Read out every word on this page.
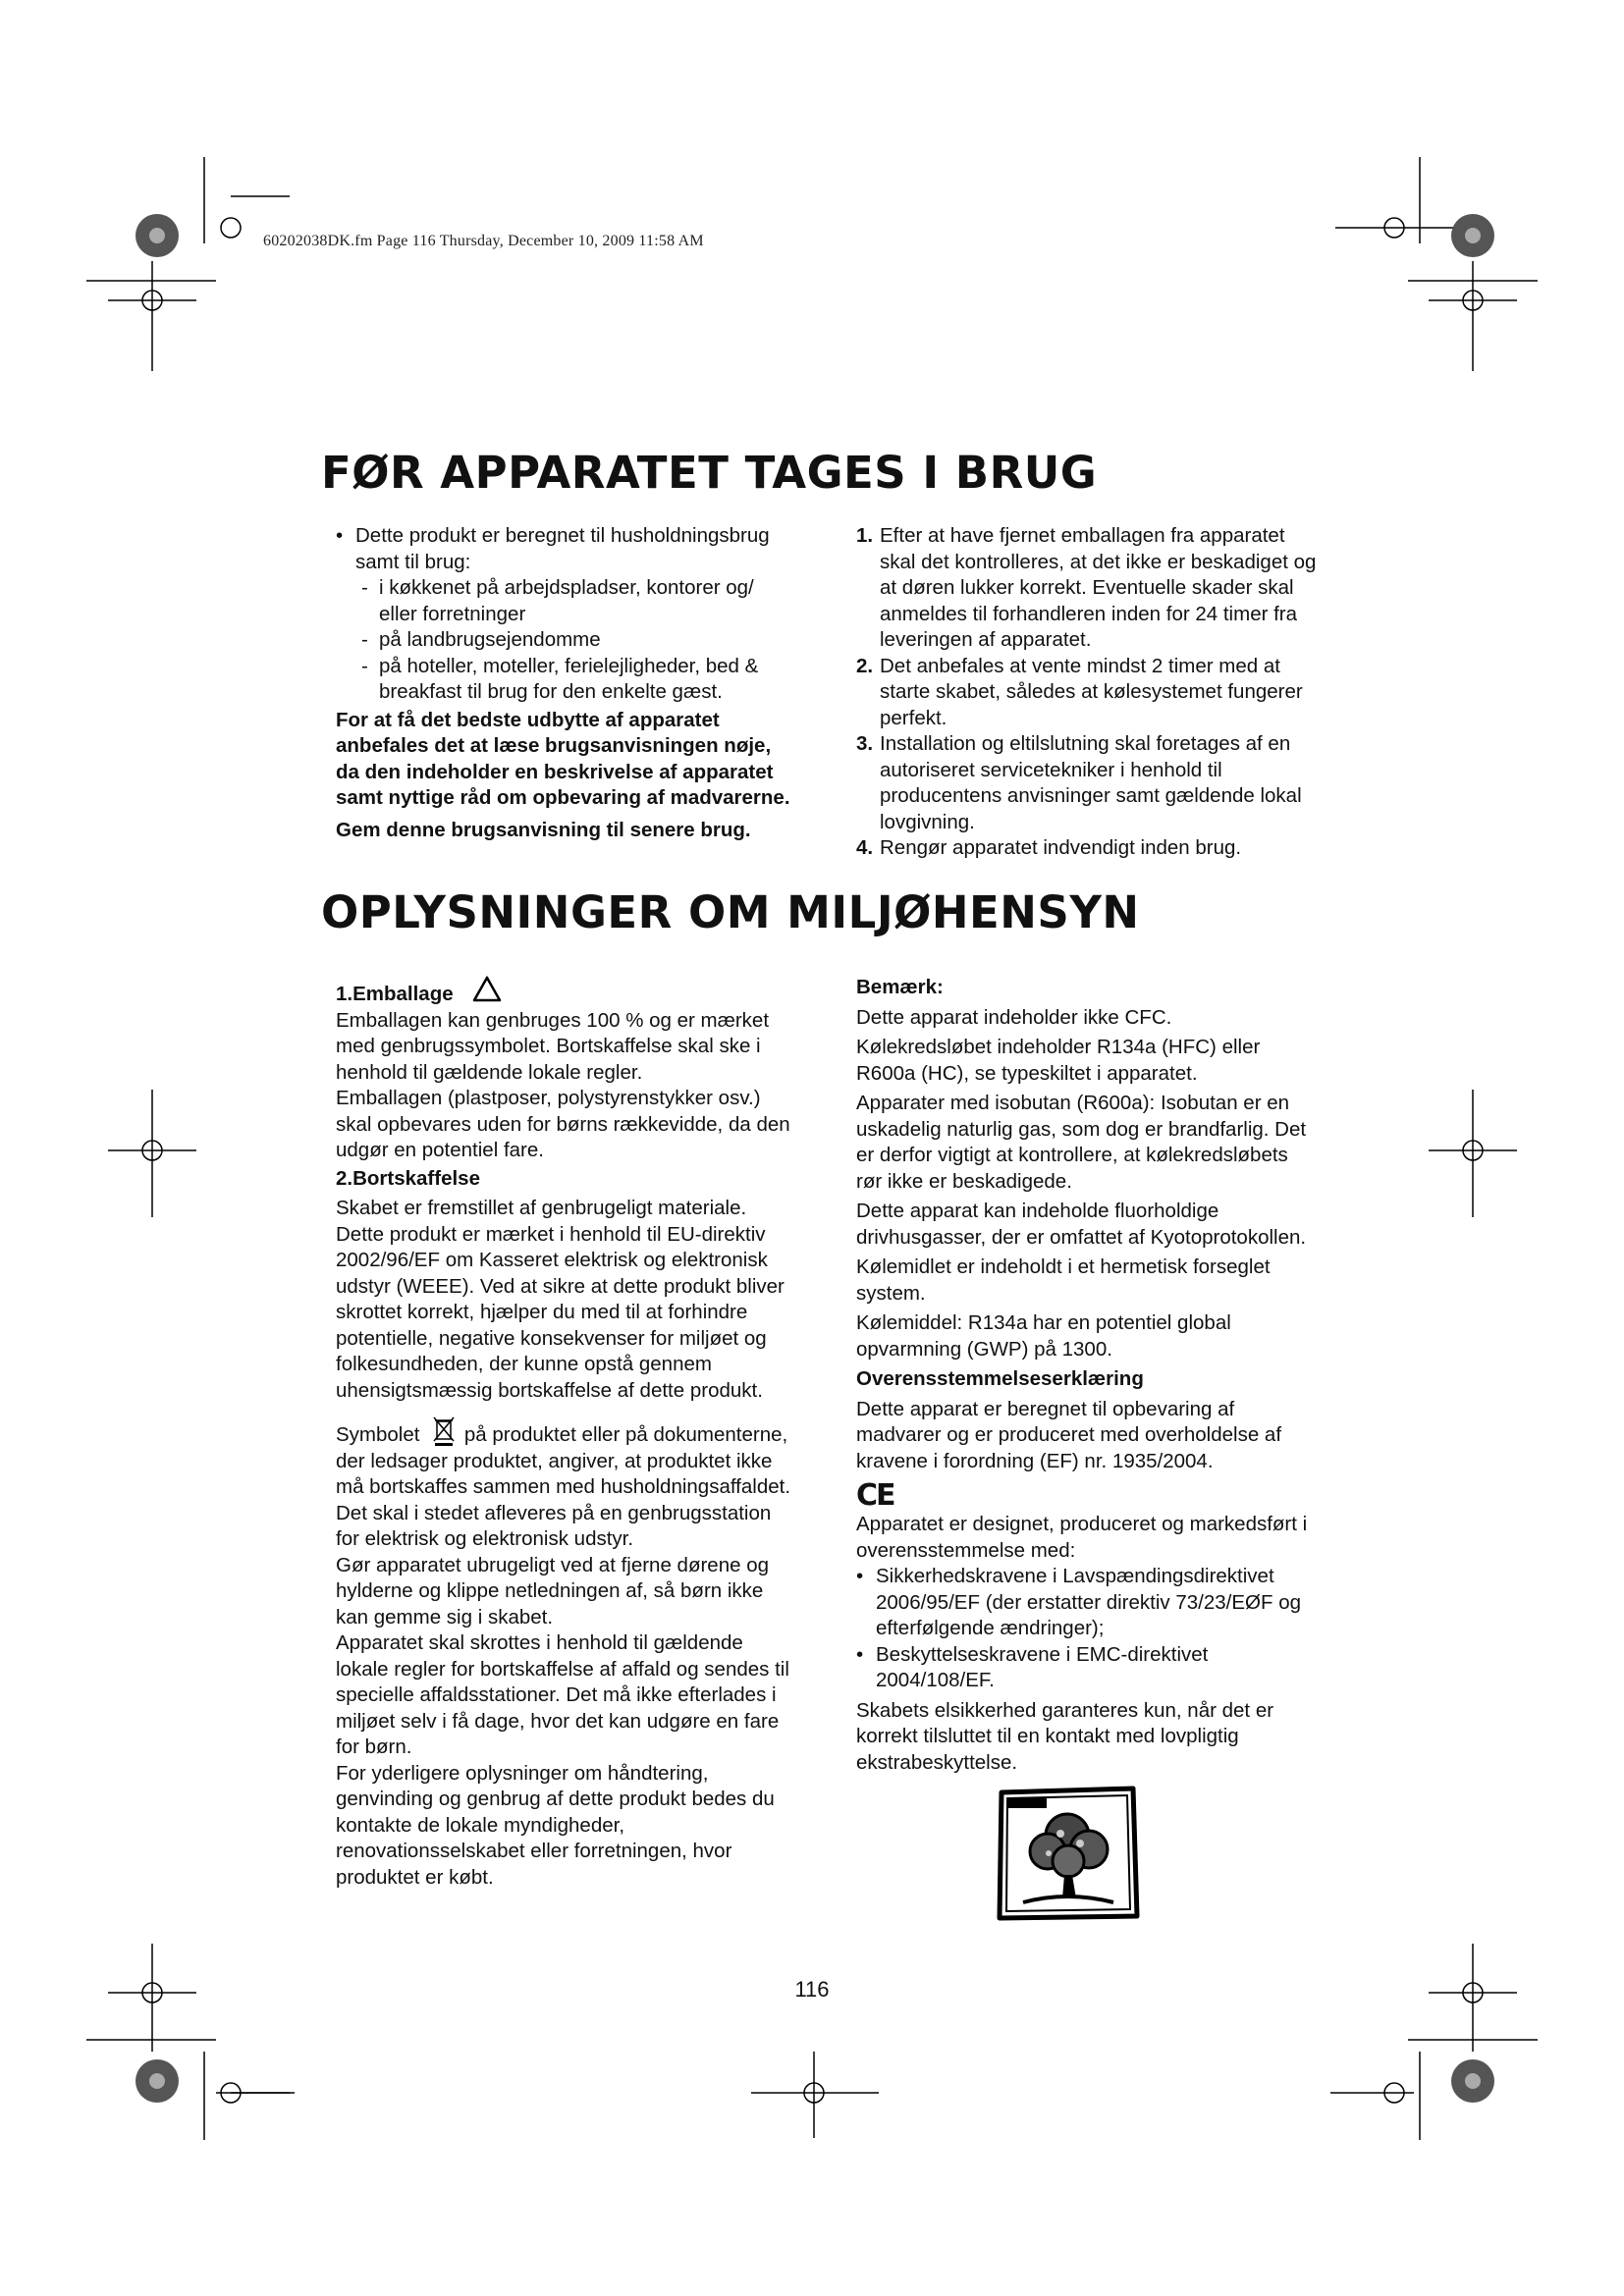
60202038DK.fm Page 116 Thursday, December 10, 2009 11:58 AM
FØR APPARATET TAGES I BRUG
• Dette produkt er beregnet til husholdningsbrug samt til brug:
- i køkkenet på arbejdspladser, kontorer og/ eller forretninger
- på landbrugsejendomme
- på hoteller, moteller, ferielejligheder, bed & breakfast til brug for den enkelte gæst.

For at få det bedste udbytte af apparatet anbefales det at læse brugsanvisningen nøje, da den indeholder en beskrivelse af apparatet samt nyttige råd om opbevaring af madvarerne.

Gem denne brugsanvisning til senere brug.

1. Efter at have fjernet emballagen fra apparatet skal det kontrolleres, at det ikke er beskadiget og at døren lukker korrekt. Eventuelle skader skal anmeldes til forhandleren inden for 24 timer fra leveringen af apparatet.
2. Det anbefales at vente mindst 2 timer med at starte skabet, således at kølesystemet fungerer perfekt.
3. Installation og eltilslutning skal foretages af en autoriseret servicetekniker i henhold til producentens anvisninger samt gældende lokal lovgivning.
4. Rengør apparatet indvendigt inden brug.
OPLYSNINGER OM MILJØHENSYN

1.Emballage

Emballagen kan genbruges 100 % og er mærket med genbrugssymbolet. Bortskaffelse skal ske i henhold til gældende lokale regler.

Emballagen (plastposer, polystyrenstykker osv.) skal opbevares uden for børns rækkevidde, da den udgør en potentiel fare.

2.Bortskaffelse

Skabet er fremstillet af genbrugeligt materiale. Dette produkt er mærket i henhold til EU-direktiv 2002/96/EF om Kasseret elektrisk og elektronisk udstyr (WEEE). Ved at sikre at dette produkt bliver skrottet korrekt, hjælper du med til at forhindre potentielle, negative konsekvenser for miljøet og folkesundheden, der kunne opstå gennem uhensigtsmæssig bortskaffelse af dette produkt.

Symbolet på produktet eller på dokumenterne, der ledsager produktet, angiver, at produktet ikke må bortskaffes sammen med husholdningsaffaldet. Det skal i stedet afleveres på en genbrugsstation for elektrisk og elektronisk udstyr.

Gør apparatet ubrugeligt ved at fjerne dørene og hylderne og klippe netledningen af, så børn ikke kan gemme sig i skabet.

Apparatet skal skrottes i henhold til gældende lokale regler for bortskaffelse af affald og sendes til specielle affaldsstationer. Det må ikke efterlades i miljøet selv i få dage, hvor det kan udgøre en fare for børn.

For yderligere oplysninger om håndtering, genvinding og genbrug af dette produkt bedes du kontakte de lokale myndigheder, renovationsselskabet eller forretningen, hvor produktet er købt.

Bemærk:

Dette apparat indeholder ikke CFC.

Kølekredsløbet indeholder R134a (HFC) eller R600a (HC), se typeskiltet i apparatet.

Apparater med isobutan (R600a): Isobutan er en uskadelig naturlig gas, som dog er brandfarlig. Det er derfor vigtigt at kontrollere, at kølekredsløbets rør ikke er beskadigede.

Dette apparat kan indeholde fluorholdige drivhusgasser, der er omfattet af Kyotoprotokollen.

Kølemidlet er indeholdt i et hermetisk forseglet system.

Kølemiddel: R134a har en potentiel global opvarmning (GWP) på 1300.

Overensstemmelseserklæring

Dette apparat er beregnet til opbevaring af madvarer og er produceret med overholdelse af kravene i forordning (EF) nr. 1935/2004.

CE

Apparatet er designet, produceret og markedsført i overensstemmelse med:

• Sikkerhedskravene i Lavspændingsdirektivet 2006/95/EF (der erstatter direktiv 73/23/EØF og efterfølgende ændringer);
• Beskyttelseskravene i EMC-direktivet 2004/108/EF.

Skabets elsikkerhed garanteres kun, når det er korrekt tilsluttet til en kontakt med lovpligtig ekstrabeskyttelse.

116
